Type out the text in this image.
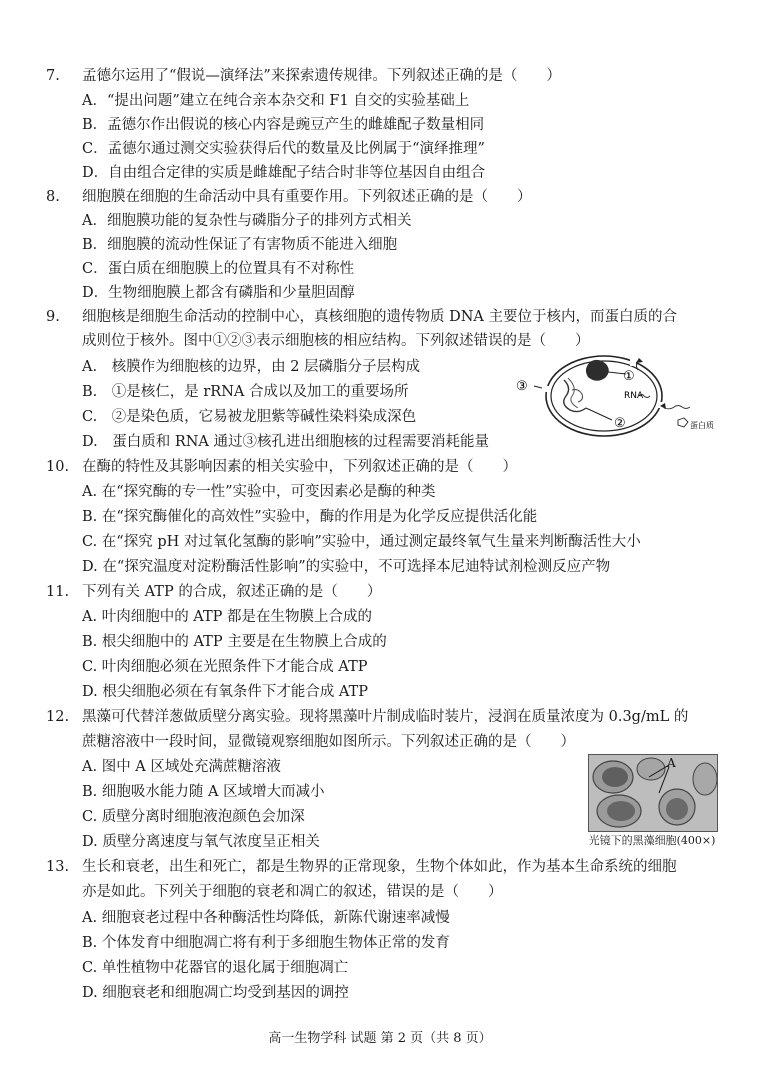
7. 孟德尔运用了“假说—演绎法”来探索遗传规律。下列叙述正确的是（　　）
A．“提出问题”建立在纯合亲本杂交和 F1 自交的实验基础上
B．孟德尔作出假说的核心内容是豌豆产生的雌雄配子数量相同
C．孟德尔通过测交实验获得后代的数量及比例属于“演绎推理”
D．自由组合定律的实质是雌雄配子结合时非等位基因自由组合
8. 细胞膜在细胞的生命活动中具有重要作用。下列叙述正确的是（　　）
A．细胞膜功能的复杂性与磷脂分子的排列方式相关
B．细胞膜的流动性保证了有害物质不能进入细胞
C．蛋白质在细胞膜上的位置具有不对称性
D．生物细胞膜上都含有磷脂和少量胆固醇
9. 细胞核是细胞生命活动的控制中心，真核细胞的遗传物质 DNA 主要位于核内，而蛋白质的合
成则位于核外。图中①②③表示细胞核的相应结构。下列叙述错误的是（　　）
A.　核膜作为细胞核的边界，由 2 层磷脂分子层构成
B.　①是核仁，是 rRNA 合成以及加工的重要场所
C.　②是染色质，它易被龙胆紫等碱性染料染成深色
D.　蛋白质和 RNA 通过③核孔进出细胞核的过程需要消耗能量
①
②
③
RNA
蛋白质
10. 在酶的特性及其影响因素的相关实验中，下列叙述正确的是（　　）
A. 在“探究酶的专一性”实验中，可变因素必是酶的种类
B. 在“探究酶催化的高效性”实验中，酶的作用是为化学反应提供活化能
C. 在“探究 pH 对过氧化氢酶的影响”实验中，通过测定最终氧气生量来判断酶活性大小
D. 在“探究温度对淀粉酶活性影响”的实验中，不可选择本尼迪特试剂检测反应产物
11. 下列有关 ATP 的合成，叙述正确的是（　　）
A. 叶肉细胞中的 ATP 都是在生物膜上合成的
B. 根尖细胞中的 ATP 主要是在生物膜上合成的
C. 叶肉细胞必须在光照条件下才能合成 ATP
D. 根尖细胞必须在有氧条件下才能合成 ATP
12. 黑藻可代替洋葱做质壁分离实验。现将黑藻叶片制成临时装片，浸润在质量浓度为 0.3g/mL 的
蔗糖溶液中一段时间，显微镜观察细胞如图所示。下列叙述正确的是（　　）
A. 图中 A 区域处充满蔗糖溶液
B. 细胞吸水能力随 A 区域增大而减小
C. 质壁分离时细胞液泡颜色会加深
D. 质壁分离速度与氧气浓度呈正相关
A
光镜下的黑藻细胞(400×)
13. 生长和衰老，出生和死亡，都是生物界的正常现象，生物个体如此，作为基本生命系统的细胞
亦是如此。下列关于细胞的衰老和凋亡的叙述，错误的是（　　）
A. 细胞衰老过程中各种酶活性均降低，新陈代谢速率减慢
B. 个体发育中细胞凋亡将有利于多细胞生物体正常的发育
C. 单性植物中花器官的退化属于细胞凋亡
D. 细胞衰老和细胞凋亡均受到基因的调控
高一生物学科 试题 第 2 页（共 8 页）
